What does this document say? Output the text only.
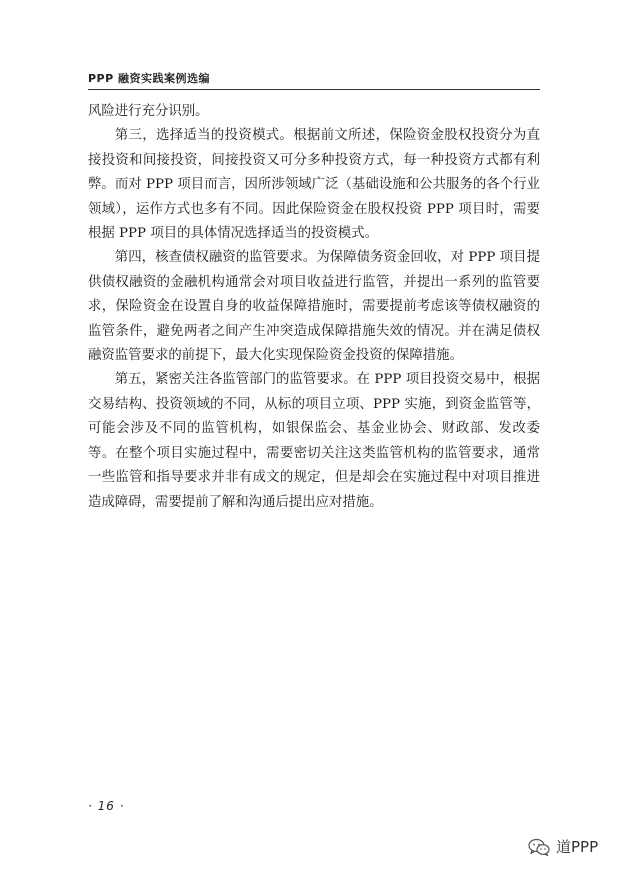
PPP 融资实践案例选编

风险进行充分识别。

第三，选择适当的投资模式。根据前文所述，保险资金股权投资分为直接投资和间接投资，间接投资又可分多种投资方式，每一种投资方式都有利弊。而对 PPP 项目而言，因所涉领域广泛（基础设施和公共服务的各个行业领域），运作方式也多有不同。因此保险资金在股权投资 PPP 项目时，需要根据 PPP 项目的具体情况选择适当的投资模式。

第四，核查债权融资的监管要求。为保障债务资金回收，对 PPP 项目提供债权融资的金融机构通常会对项目收益进行监管，并提出一系列的监管要求，保险资金在设置自身的收益保障措施时，需要提前考虑该等债权融资的监管条件，避免两者之间产生冲突造成保障措施失效的情况。并在满足债权融资监管要求的前提下，最大化实现保险资金投资的保障措施。

第五，紧密关注各监管部门的监管要求。在 PPP 项目投资交易中，根据交易结构、投资领域的不同，从标的项目立项、PPP 实施，到资金监管等，可能会涉及不同的监管机构，如银保监会、基金业协会、财政部、发改委等。在整个项目实施过程中，需要密切关注这类监管机构的监管要求，通常一些监管和指导要求并非有成文的规定，但是却会在实施过程中对项目推进造成障碍，需要提前了解和沟通后提出应对措施。

· 16 ·
道PPP
